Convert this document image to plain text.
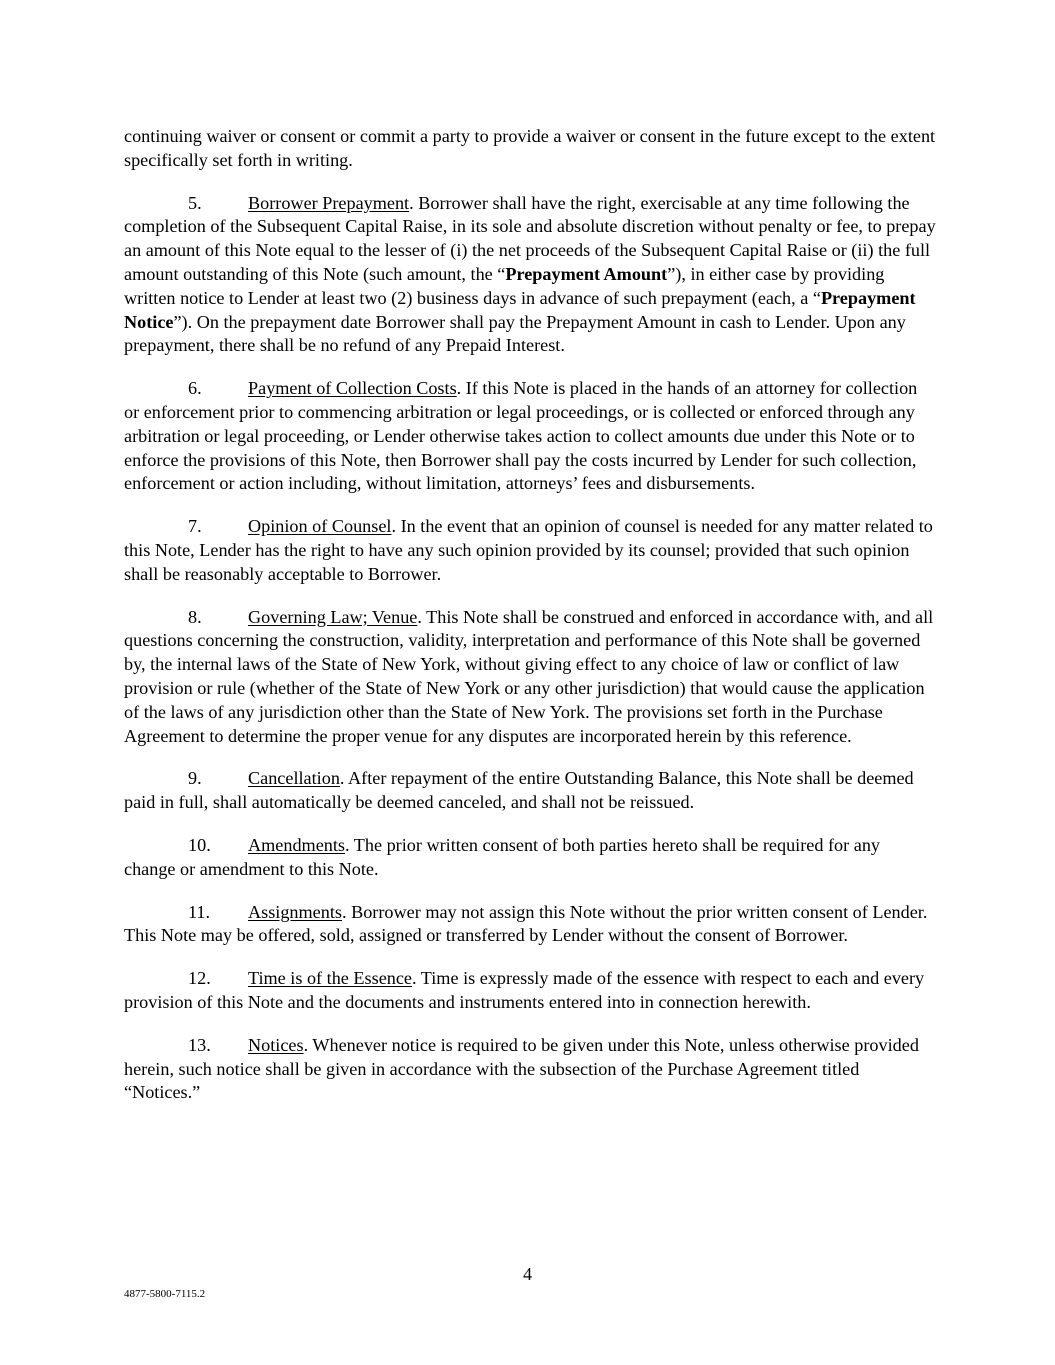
continuing waiver or consent or commit a party to provide a waiver or consent in the future except to the extent specifically set forth in writing.

5.	Borrower Prepayment. Borrower shall have the right, exercisable at any time following the completion of the Subsequent Capital Raise, in its sole and absolute discretion without penalty or fee, to prepay an amount of this Note equal to the lesser of (i) the net proceeds of the Subsequent Capital Raise or (ii) the full amount outstanding of this Note (such amount, the “Prepayment Amount”), in either case by providing written notice to Lender at least two (2) business days in advance of such prepayment (each, a “Prepayment Notice”). On the prepayment date Borrower shall pay the Prepayment Amount in cash to Lender. Upon any prepayment, there shall be no refund of any Prepaid Interest.

6.	Payment of Collection Costs. If this Note is placed in the hands of an attorney for collection or enforcement prior to commencing arbitration or legal proceedings, or is collected or enforced through any arbitration or legal proceeding, or Lender otherwise takes action to collect amounts due under this Note or to enforce the provisions of this Note, then Borrower shall pay the costs incurred by Lender for such collection, enforcement or action including, without limitation, attorneys’ fees and disbursements.

7.	Opinion of Counsel. In the event that an opinion of counsel is needed for any matter related to this Note, Lender has the right to have any such opinion provided by its counsel; provided that such opinion shall be reasonably acceptable to Borrower.

8.	Governing Law; Venue. This Note shall be construed and enforced in accordance with, and all questions concerning the construction, validity, interpretation and performance of this Note shall be governed by, the internal laws of the State of New York, without giving effect to any choice of law or conflict of law provision or rule (whether of the State of New York or any other jurisdiction) that would cause the application of the laws of any jurisdiction other than the State of New York. The provisions set forth in the Purchase Agreement to determine the proper venue for any disputes are incorporated herein by this reference.

9.	Cancellation. After repayment of the entire Outstanding Balance, this Note shall be deemed paid in full, shall automatically be deemed canceled, and shall not be reissued.

10. Amendments. The prior written consent of both parties hereto shall be required for any change or amendment to this Note.

11. Assignments. Borrower may not assign this Note without the prior written consent of Lender. This Note may be offered, sold, assigned or transferred by Lender without the consent of Borrower.

12. Time is of the Essence. Time is expressly made of the essence with respect to each and every provision of this Note and the documents and instruments entered into in connection herewith.

13. Notices. Whenever notice is required to be given under this Note, unless otherwise provided herein, such notice shall be given in accordance with the subsection of the Purchase Agreement titled “Notices.”

4
4877-5800-7115.2
